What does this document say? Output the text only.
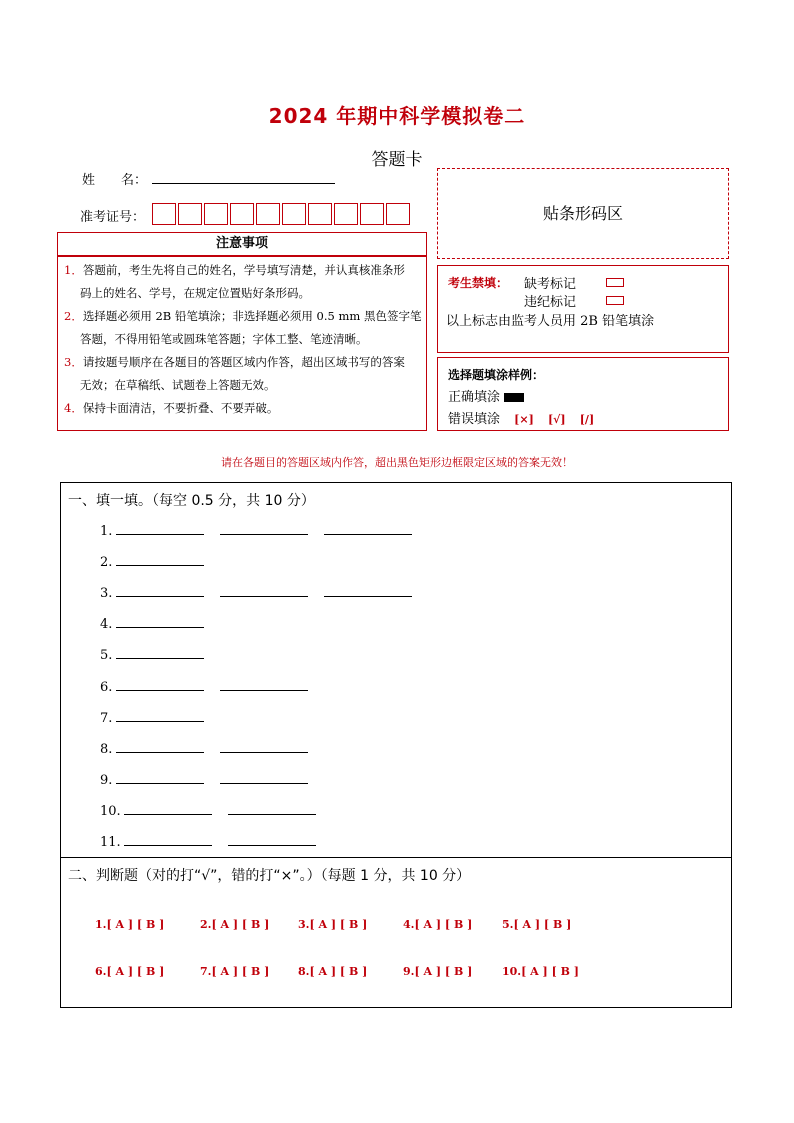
2024 年期中科学模拟卷二
答题卡
姓　　名：
准考证号：	贴条形码区
注意事项
1．答题前，考生先将自己的姓名，学号填写清楚，并认真核准条形
码上的姓名、学号，在规定位置贴好条形码。
2．选择题必须用 2B 铅笔填涂；非选择题必须用 0.5 mm 黑色签字笔
答题，不得用铅笔或圆珠笔答题；字体工整、笔迹清晰。
3．请按题号顺序在各题目的答题区域内作答，超出区域书写的答案
无效；在草稿纸、试题卷上答题无效。
4．保持卡面清洁，不要折叠、不要弄破。
考生禁填： 缺考标记
违纪标记
以上标志由监考人员用 2B 铅笔填涂
选择题填涂样例：
正确填涂
错误填涂 [×] [√] [/]
请在各题目的答题区域内作答，超出黑色矩形边框限定区域的答案无效！
一、填一填。（每空 0.5 分，共 10 分）
1.
2.
3.
4.
5.
6.
7.
8.
9.
10.
11.
二、判断题（对的打“√”，错的打“×”。）（每题 1 分，共 10 分）
1.[ A ] [ B ]	2.[ A ] [ B ]	3.[ A ] [ B ]	4.[ A ] [ B ]	5.[ A ] [ B ]
6.[ A ] [ B ]	7.[ A ] [ B ]	8.[ A ] [ B ]	9.[ A ] [ B ]	10.[ A ] [ B ]
